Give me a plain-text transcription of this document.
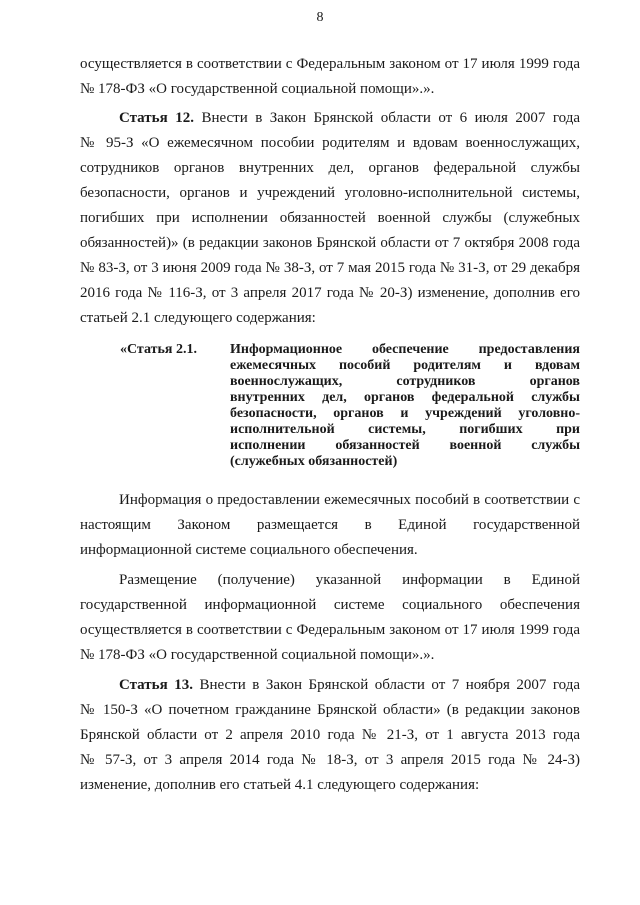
8

осуществляется в соответствии с Федеральным законом от 17 июля 1999 года

№ 178-ФЗ «О государственной социальной помощи».».

Статья 12. Внести в Закон Брянской области от 6 июля 2007 года

№ 95-З «О ежемесячном пособии родителям и вдовам военнослужащих,

сотрудников органов внутренних дел, органов федеральной службы

безопасности, органов и учреждений уголовно-исполнительной системы,

погибших при исполнении обязанностей военной службы (служебных

обязанностей)» (в редакции законов Брянской области от 7 октября 2008 года

№ 83-З, от 3 июня 2009 года № 38-З, от 7 мая 2015 года № 31-З, от 29 декабря

2016 года № 116-З, от 3 апреля 2017 года № 20-З) изменение, дополнив его

статьей 2.1 следующего содержания:

«Статья 2.1. Информационное обеспечение предоставления

ежемесячных пособий родителям и вдовам

военнослужащих, сотрудников органов

внутренних дел, органов федеральной службы

безопасности, органов и учреждений уголовно-

исполнительной системы, погибших при

исполнении обязанностей военной службы

(служебных обязанностей)

Информация о предоставлении ежемесячных пособий в соответствии с

настоящим Законом размещается в Единой государственной

информационной системе социального обеспечения.

Размещение (получение) указанной информации в Единой

государственной информационной системе социального обеспечения

осуществляется в соответствии с Федеральным законом от 17 июля 1999 года

№ 178-ФЗ «О государственной социальной помощи».».

Статья 13. Внести в Закон Брянской области от 7 ноября 2007 года

№ 150-З «О почетном гражданине Брянской области» (в редакции законов

Брянской области от 2 апреля 2010 года № 21-З, от 1 августа 2013 года

№ 57-З, от 3 апреля 2014 года № 18-З, от 3 апреля 2015 года № 24-З)

изменение, дополнив его статьей 4.1 следующего содержания:
